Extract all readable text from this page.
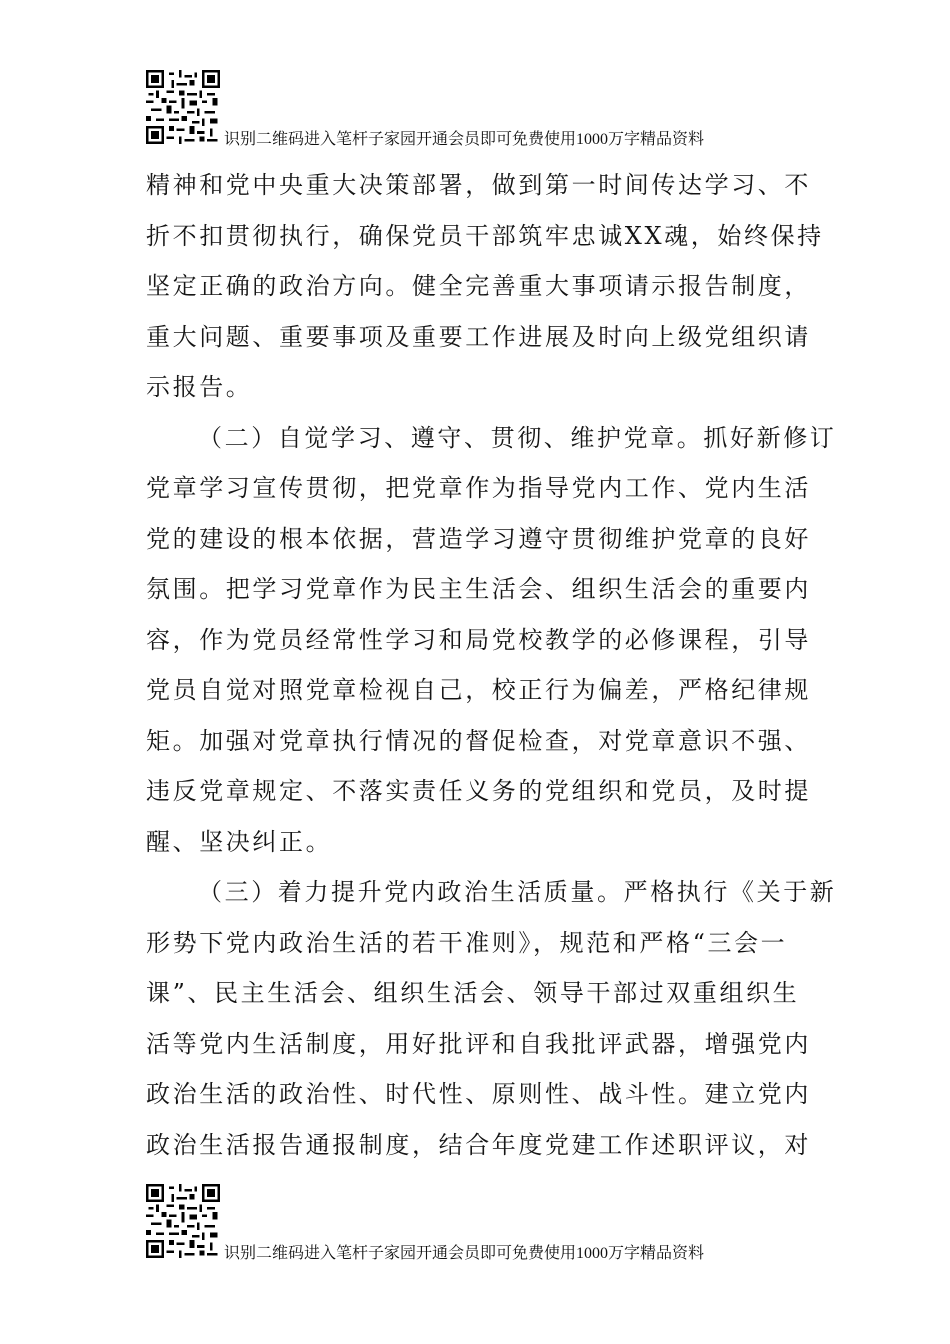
识别二维码进入笔杆子家园开通会员即可免费使用1000万字精品资料
精神和党中央重大决策部署，做到第一时间传达学习、不
折不扣贯彻执行，确保党员干部筑牢忠诚XX魂，始终保持
坚定正确的政治方向。健全完善重大事项请示报告制度，
重大问题、重要事项及重要工作进展及时向上级党组织请
示报告。
（二）自觉学习、遵守、贯彻、维护党章。抓好新修订
党章学习宣传贯彻，把党章作为指导党内工作、党内生活
党的建设的根本依据，营造学习遵守贯彻维护党章的良好
氛围。把学习党章作为民主生活会、组织生活会的重要内
容，作为党员经常性学习和局党校教学的必修课程，引导
党员自觉对照党章检视自己，校正行为偏差，严格纪律规
矩。加强对党章执行情况的督促检查，对党章意识不强、
违反党章规定、不落实责任义务的党组织和党员，及时提
醒、坚决纠正。
（三）着力提升党内政治生活质量。严格执行《关于新
形势下党内政治生活的若干准则》，规范和严格“三会一
课”、民主生活会、组织生活会、领导干部过双重组织生
活等党内生活制度，用好批评和自我批评武器，增强党内
政治生活的政治性、时代性、原则性、战斗性。建立党内
政治生活报告通报制度，结合年度党建工作述职评议，对
识别二维码进入笔杆子家园开通会员即可免费使用1000万字精品资料
